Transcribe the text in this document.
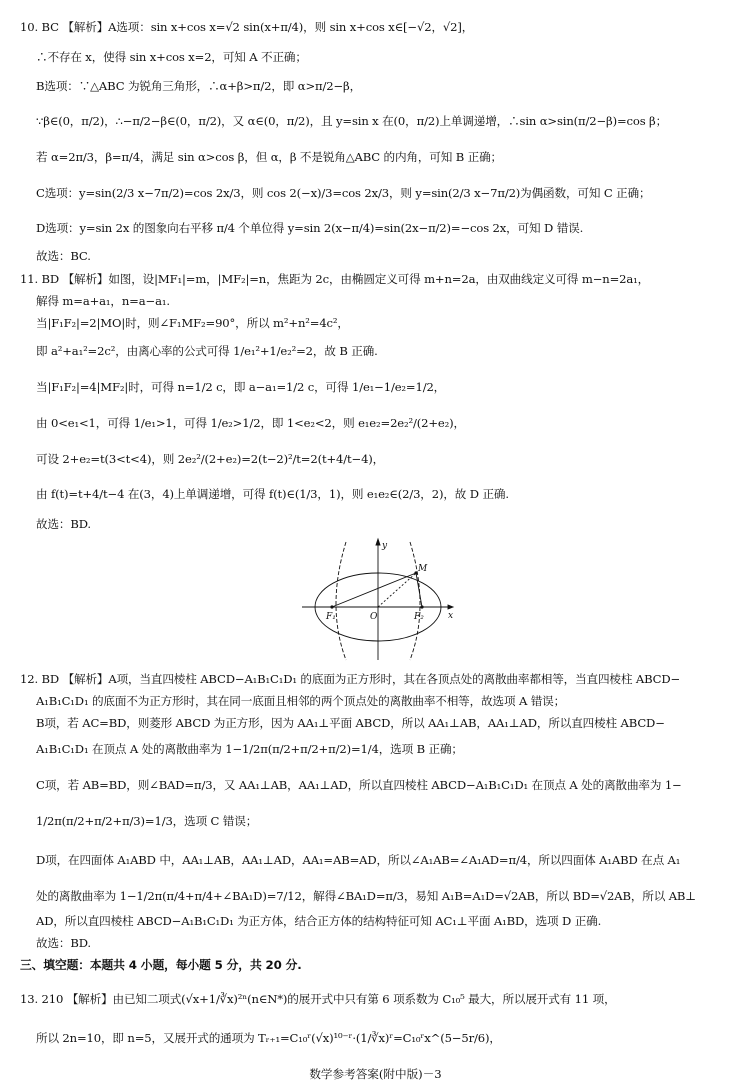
10. BC 【解析】A选项：sin x+cos x=√2 sin(x+π/4)，则 sin x+cos x∈[−√2，√2]，
∴不存在 x，使得 sin x+cos x=2，可知 A 不正确；
B选项：∵△ABC 为锐角三角形，∴α+β>π/2，即 α>π/2−β，
∵β∈(0，π/2)，∴−π/2−β∈(0，π/2)，又 α∈(0，π/2)，且 y=sin x 在(0，π/2)上单调递增，∴sin α>sin(π/2−β)=cos β；
若 α=2π/3，β=π/4，满足 sin α>cos β，但 α，β 不是锐角△ABC 的内角，可知 B 正确；
C选项：y=sin(2/3 x−7π/2)=cos 2x/3，则 cos 2(−x)/3=cos 2x/3，则 y=sin(2/3 x−7π/2)为偶函数，可知 C 正确；
D选项：y=sin 2x 的图象向右平移 π/4 个单位得 y=sin 2(x−π/4)=sin(2x−π/2)=−cos 2x，可知 D 错误.
故选：BC.
11. BD 【解析】如图，设|MF₁|=m，|MF₂|=n，焦距为 2c，由椭圆定义可得 m+n=2a，由双曲线定义可得 m−n=2a₁，
解得 m=a+a₁，n=a−a₁.
当|F₁F₂|=2|MO|时，则∠F₁MF₂=90°，所以 m²+n²=4c²，
即 a²+a₁²=2c²，由离心率的公式可得 1/e₁²+1/e₂²=2，故 B 正确.
当|F₁F₂|=4|MF₂|时，可得 n=1/2 c，即 a−a₁=1/2 c，可得 1/e₁−1/e₂=1/2，
由 0<e₁<1，可得 1/e₁>1，可得 1/e₂>1/2，即 1<e₂<2，则 e₁e₂=2e₂²/(2+e₂)，
可设 2+e₂=t(3<t<4)，则 2e₂²/(2+e₂)=2(t−2)²/t=2(t+4/t−4)，
由 f(t)=t+4/t−4 在(3，4)上单调递增，可得 f(t)∈(1/3，1)，则 e₁e₂∈(2/3，2)，故 D 正确.
故选：BD.
y
x
M
O
F₁	F₂
12. BD 【解析】A项，当直四棱柱 ABCD−A₁B₁C₁D₁ 的底面为正方形时，其在各顶点处的离散曲率都相等，当直四棱柱 ABCD−
A₁B₁C₁D₁ 的底面不为正方形时，其在同一底面且相邻的两个顶点处的离散曲率不相等，故选项 A 错误；
B项，若 AC=BD，则菱形 ABCD 为正方形，因为 AA₁⊥平面 ABCD，所以 AA₁⊥AB，AA₁⊥AD，所以直四棱柱 ABCD−
A₁B₁C₁D₁ 在顶点 A 处的离散曲率为 1−1/2π(π/2+π/2+π/2)=1/4，选项 B 正确；
C项，若 AB=BD，则∠BAD=π/3，又 AA₁⊥AB，AA₁⊥AD，所以直四棱柱 ABCD−A₁B₁C₁D₁ 在顶点 A 处的离散曲率为 1−
1/2π(π/2+π/2+π/3)=1/3，选项 C 错误；
D项，在四面体 A₁ABD 中，AA₁⊥AB，AA₁⊥AD，AA₁=AB=AD，所以∠A₁AB=∠A₁AD=π/4，所以四面体 A₁ABD 在点 A₁
处的离散曲率为 1−1/2π(π/4+π/4+∠BA₁D)=7/12，解得∠BA₁D=π/3，易知 A₁B=A₁D=√2AB，所以 BD=√2AB，所以 AB⊥
AD，所以直四棱柱 ABCD−A₁B₁C₁D₁ 为正方体，结合正方体的结构特征可知 AC₁⊥平面 A₁BD，选项 D 正确.
故选：BD.
三、填空题：本题共 4 小题，每小题 5 分，共 20 分.
13. 210 【解析】由已知二项式(√x+1/∛x)²ⁿ(n∈N*)的展开式中只有第 6 项系数为 C₁₀⁵ 最大，所以展开式有 11 项，
所以 2n=10，即 n=5，又展开式的通项为 Tᵣ₊₁=C₁₀ʳ(√x)¹⁰⁻ʳ·(1/∛x)ʳ=C₁₀ʳx^(5−5r/6)，
数学参考答案(附中版)－3
